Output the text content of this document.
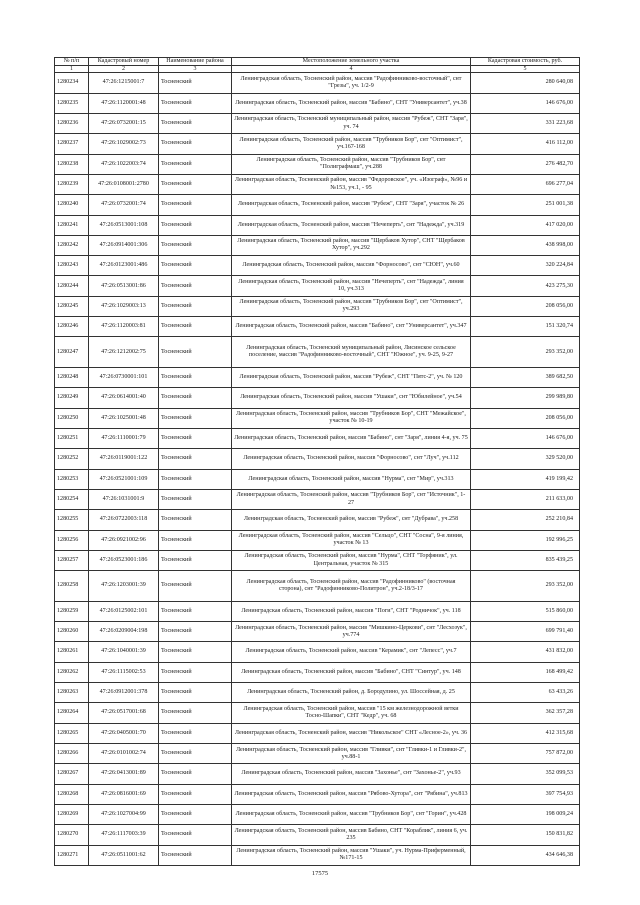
№ п/п	Кадастровый номер	Наименование района	Местоположение земельного участка	Кадастровая стоимость, руб.
1	2	3	4	5
1280234	47:26:1215001:7	Тосненский	Ленинградская область, Тосненский район, массив "Радофинниково-восточный", снт "Грезы", уч. 1/2-9	280 640,08
1280235	47:26:1120001:48	Тосненский	Ленинградская область, Тосненский район, массив "Бабино", СНТ "Универсантет", уч.38	146 676,00
1280236	47:26:0732001:15	Тосненский	Ленинградская область, Тосненский муниципальный район, массив "Рубеж", СНТ "Заря", уч. 74	331 223,68
1280237	47:26:1029002:73	Тосненский	Ленинградская область, Тосненский район, массив "Трубников Бор", снт "Оптимист", уч.167-168	416 112,00
1280238	47:26:1022003:74	Тосненский	Ленинградская область, Тосненский район, массив "Трубников Бор", снт "Полиграфмаш", уч.288	276 482,70
1280239	47:26:0108001:2780	Тосненский	Ленинградская область, Тосненский район, массив "Федоровское", уч. «Изограф», №96 и №153, уч.1, - 95	696 277,04
1280240	47:26:0732001:74	Тосненский	Ленинградская область, Тосненский район, массив "Рубеж", СНТ "Заря", участок № 26	251 001,38
1280241	47:26:0513001:108	Тосненский	Ленинградская область, Тосненский район, массив "Нечеперть", снт "Надежда", уч.319	417 020,00
1280242	47:26:0914001:306	Тосненский	Ленинградская область, Тосненский район, массив "Щербаков Хутор", СНТ "Щербаков Хутор", уч.292	438 998,00
1280243	47:26:0123001:486	Тосненский	Ленинградская область, Тосненский район, массив "Форносово", снт "СЮН", уч.60	320 224,84
1280244	47:26:0513001:86	Тосненский	Ленинградская область, Тосненский район, массив "Нечеперть", снт "Надежда", линия 10, уч.313	423 275,30
1280245	47:26:1029003:13	Тосненский	Ленинградская область, Тосненский район, массив "Трубников Бор", снт "Оптимист", уч.293	208 056,00
1280246	47:26:1120003:81	Тосненский	Ленинградская область, Тосненский район, массив "Бабино", снт "Универсантет", уч.347	151 320,74
1280247	47:26:1212002:75	Тосненский	Ленинградская область, Тосненский муниципальный район, Лисинское сельское поселение, массив "Радофинниково-восточный", СНТ "Южное", уч. 9-25, 9-27	293 352,00
1280248	47:26:0730001:101	Тосненский	Ленинградская область, Тосненский район, массив "Рубеж", СНТ "Пятс-2", уч. № 120	389 682,50
1280249	47:26:0614001:40	Тосненский	Ленинградская область, Тосненский район, массив "Ушаки", снт "Юбилейное", уч.54	299 989,80
1280250	47:26:1025001:48	Тосненский	Ленинградская область, Тосненский район, массив "Трубников Бор", СНТ "Межайское", участок № 10-19	208 056,00
1280251	47:26:1110001:79	Тосненский	Ленинградская область, Тосненский район, массив "Бабино", снт "Заря", линия 4-я, уч. 75	146 676,00
1280252	47:26:0119001:122	Тосненский	Ленинградская область, Тосненский район, массив "Форносово", снт "Луч", уч.112	329 520,00
1280253	47:26:0521001:109	Тосненский	Ленинградская область, Тосненский район, массив "Нурма", снт "Мир", уч.313	419 199,42
1280254	47:26:1031001:9	Тосненский	Ленинградская область, Тосненский район, массив "Трубников Бор", снт "Источник", 1-27	211 633,00
1280255	47:26:0722003:118	Тосненский	Ленинградская область, Тосненский район, массив "Рубеж", снт "Дубрава", уч.258	252 210,84
1280256	47:26:0921002:96	Тосненский	Ленинградская область, Тосненский район, массив "Сельцо", СНТ "Сосна", 9-я линия, участок № 13	192 996,25
1280257	47:26:0523001:186	Тосненский	Ленинградская область, Тосненский район, массив "Нурма", СНТ "Торфяник", ул. Центральная, участок № 315	835 439,25
1280258	47:26:1203001:39	Тосненский	Ленинградская область, Тосненский район, массив "Радофинниково" (восточная сторона), снт "Радофинниково-Политрон", уч.2-18/3-17	293 352,00
1280259	47:26:0125002:101	Тосненский	Ленинградская область, Тосненский район, массив "Поги", СНТ "Родничок", уч. 118	515 860,00
1280260	47:26:0209004:198	Тосненский	Ленинградская область, Тосненский район, массив "Мишкино-Церкови", снт "Лесхозук", уч.774	699 791,40
1280261	47:26:1040001:39	Тосненский	Ленинградская область, Тосненский район, массив "Керамик", снт "Лепесс", уч.7	431 832,00
1280262	47:26:1115002:53	Тосненский	Ленинградская область, Тосненский район, массив "Бабино", СНТ "Синтур", уч. 148	168 499,42
1280263	47:26:0912001:378	Тосненский	Ленинградская область, Тосненский район, д. Бородулино, ул. Шоссейная, д. 25	63 433,26
1280264	47:26:0517001:68	Тосненский	Ленинградская область, Тосненский район, массив "15 км железнодорожной ветки Тосно-Шапки", СНТ "Кедр", уч. 68	362 357,28
1280265	47:26:0405001:70	Тосненский	Ленинградская область, Тосненский район, массив "Никольское" СНТ «Лесное-2», уч. 36	412 315,68
1280266	47:26:0101002:74	Тосненский	Ленинградская область, Тосненский район, массив "Гливки", снт "Гливки-1 и Гливки-2", уч.88-1	757 872,00
1280267	47:26:0413001:89	Тосненский	Ленинградская область, Тосненский район, массив "Захонье", снт "Захонье-2", уч.93	352 099,53
1280268	47:26:0816001:69	Тосненский	Ленинградская область, Тосненский район, массив "Рябово-Хутора", снт "Рябина", уч.813	397 754,93
1280269	47:26:1027004:99	Тосненский	Ленинградская область, Тосненский район, массив "Трубников Бор", снт "Горин", уч.428	198 009,24
1280270	47:26:1117003:39	Тосненский	Ленинградская область, Тосненский район, массив Бабино, СНТ "Кораблик", линия 6, уч. 235	150 831,82
1280271	47:26:0511001:62	Тосненский	Ленинградская область, Тосненский район, массив "Ушаки", уч. Нурма-Приферменный, №171-15	434 646,38
17575
